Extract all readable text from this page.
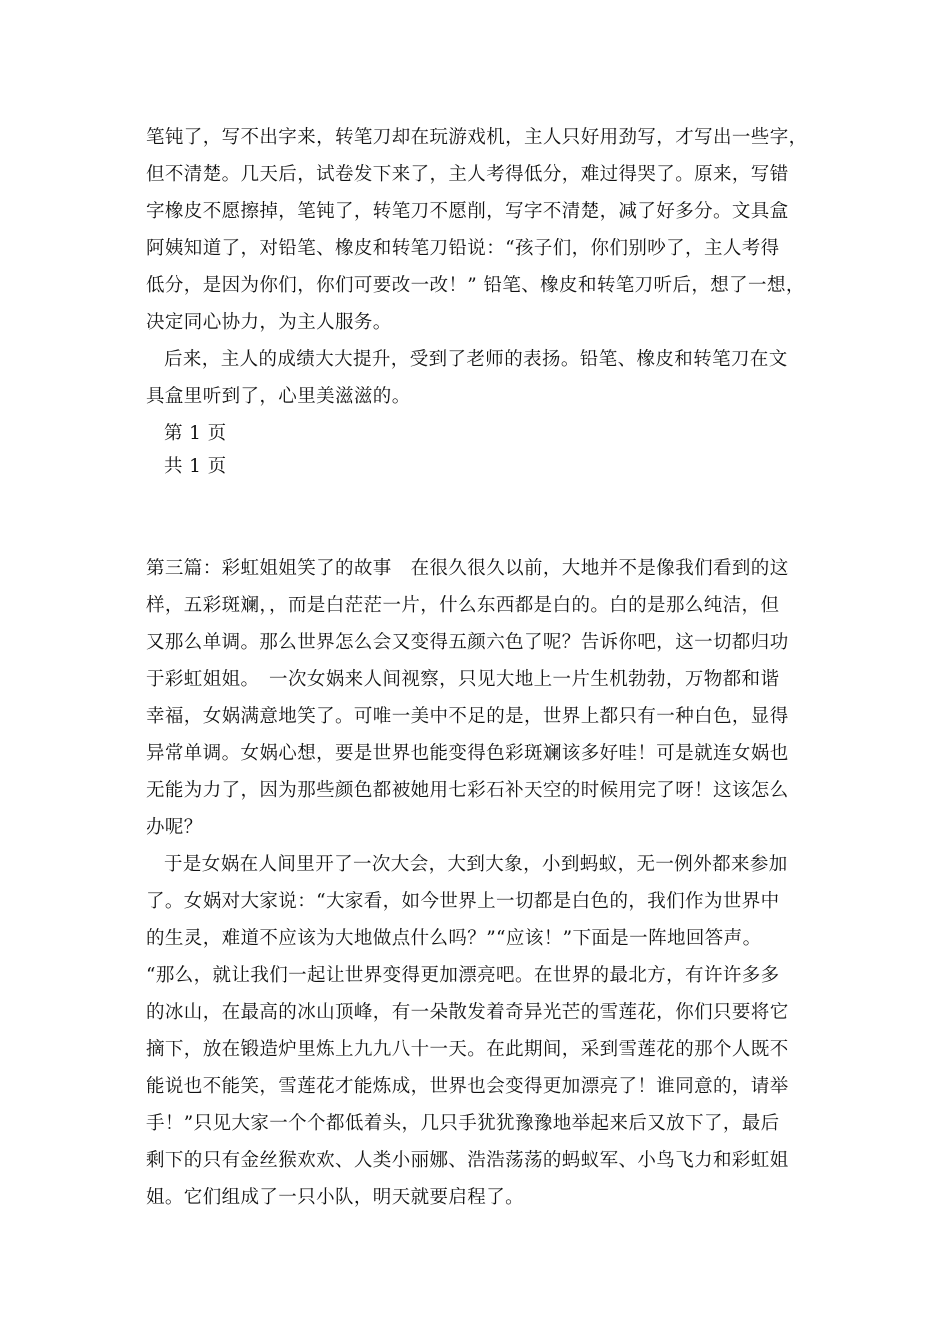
笔钝了，写不出字来，转笔刀却在玩游戏机，主人只好用劲写，才写出一些字，
但不清楚。几天后，试卷发下来了，主人考得低分，难过得哭了。原来，写错
字橡皮不愿擦掉，笔钝了，转笔刀不愿削，写字不清楚，减了好多分。文具盒
阿姨知道了，对铅笔、橡皮和转笔刀铅说：“孩子们，你们别吵了，主人考得
低分，是因为你们，你们可要改一改！” 铅笔、橡皮和转笔刀听后，想了一想，
决定同心协力，为主人服务。
后来，主人的成绩大大提升，受到了老师的表扬。铅笔、橡皮和转笔刀在文
具盒里听到了，心里美滋滋的。
第 1 页
共 1 页
第三篇：彩虹姐姐笑了的故事　在很久很久以前，大地并不是像我们看到的这
样，五彩斑斓，，而是白茫茫一片，什么东西都是白的。白的是那么纯洁，但
又那么单调。那么世界怎么会又变得五颜六色了呢？告诉你吧，这一切都归功
于彩虹姐姐。　一次女娲来人间视察，只见大地上一片生机勃勃，万物都和谐
幸福，女娲满意地笑了。可唯一美中不足的是，世界上都只有一种白色，显得
异常单调。女娲心想，要是世界也能变得色彩斑斓该多好哇！可是就连女娲也
无能为力了，因为那些颜色都被她用七彩石补天空的时候用完了呀！这该怎么
办呢？
于是女娲在人间里开了一次大会，大到大象，小到蚂蚁，无一例外都来参加
了。女娲对大家说：“大家看，如今世界上一切都是白色的，我们作为世界中
的生灵，难道不应该为大地做点什么吗？”“应该！”下面是一阵地回答声。
“那么，就让我们一起让世界变得更加漂亮吧。在世界的最北方，有许许多多
的冰山，在最高的冰山顶峰，有一朵散发着奇异光芒的雪莲花，你们只要将它
摘下，放在锻造炉里炼上九九八十一天。在此期间，采到雪莲花的那个人既不
能说也不能笑，雪莲花才能炼成，世界也会变得更加漂亮了！谁同意的，请举
手！”只见大家一个个都低着头，几只手犹犹豫豫地举起来后又放下了，最后
剩下的只有金丝猴欢欢、人类小丽娜、浩浩荡荡的蚂蚁军、小鸟飞力和彩虹姐
姐。它们组成了一只小队，明天就要启程了。
